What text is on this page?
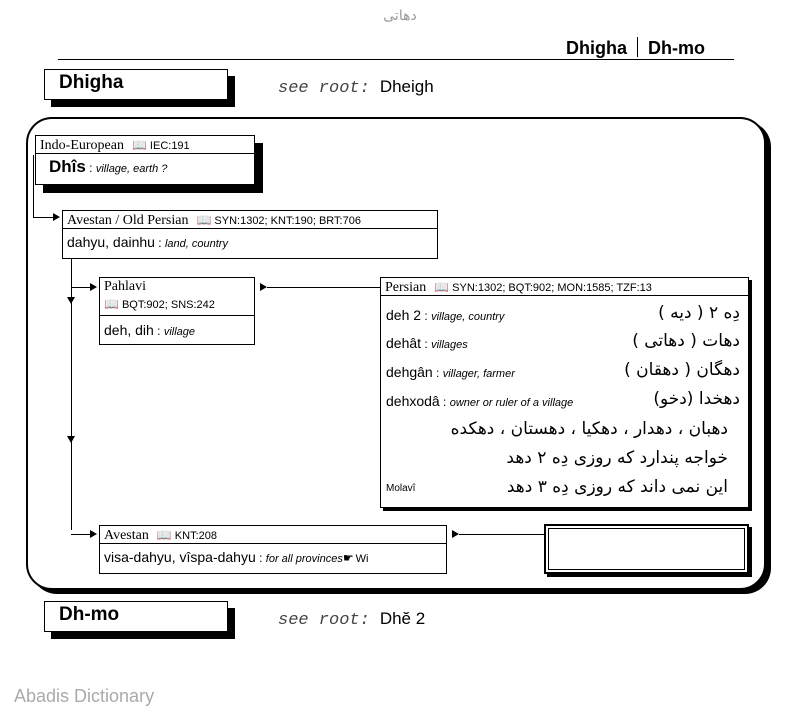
دهاتی
Dhigha Dh-mo
Dhigha	see root: Dheigh
Indo-European 📖 IEC:191
Dhîs : village, earth ?
Avestan / Old Persian 📖 SYN:1302; KNT:190; BRT:706
dahyu, dainhu : land, country
Pahlavi
📖 BQT:902; SNS:242
deh, dih : village
Persian 📖 SYN:1302; BQT:902; MON:1585; TZF:13
deh 2 : village, country	دِه ۲ ( دیه )
dehât : villages	دهات ( دهاتی )
dehgân : villager, farmer	دهگان ( دهقان )
dehxodâ : owner or ruler of a village	دهخدا (دخو)
دهبان ، دهدار ، دهکیا ، دهستان ، دهکده
خواجه پندارد که روزی دِه ۲ دهد
این نمی داند که روزی دِه ۳ دهد
Molavî
Avestan 📖 KNT:208
visa-dahyu, vîspa-dahyu : for all provinces☛ Wi
Dh-mo	see root: Dhĕ 2
Abadis Dictionary
